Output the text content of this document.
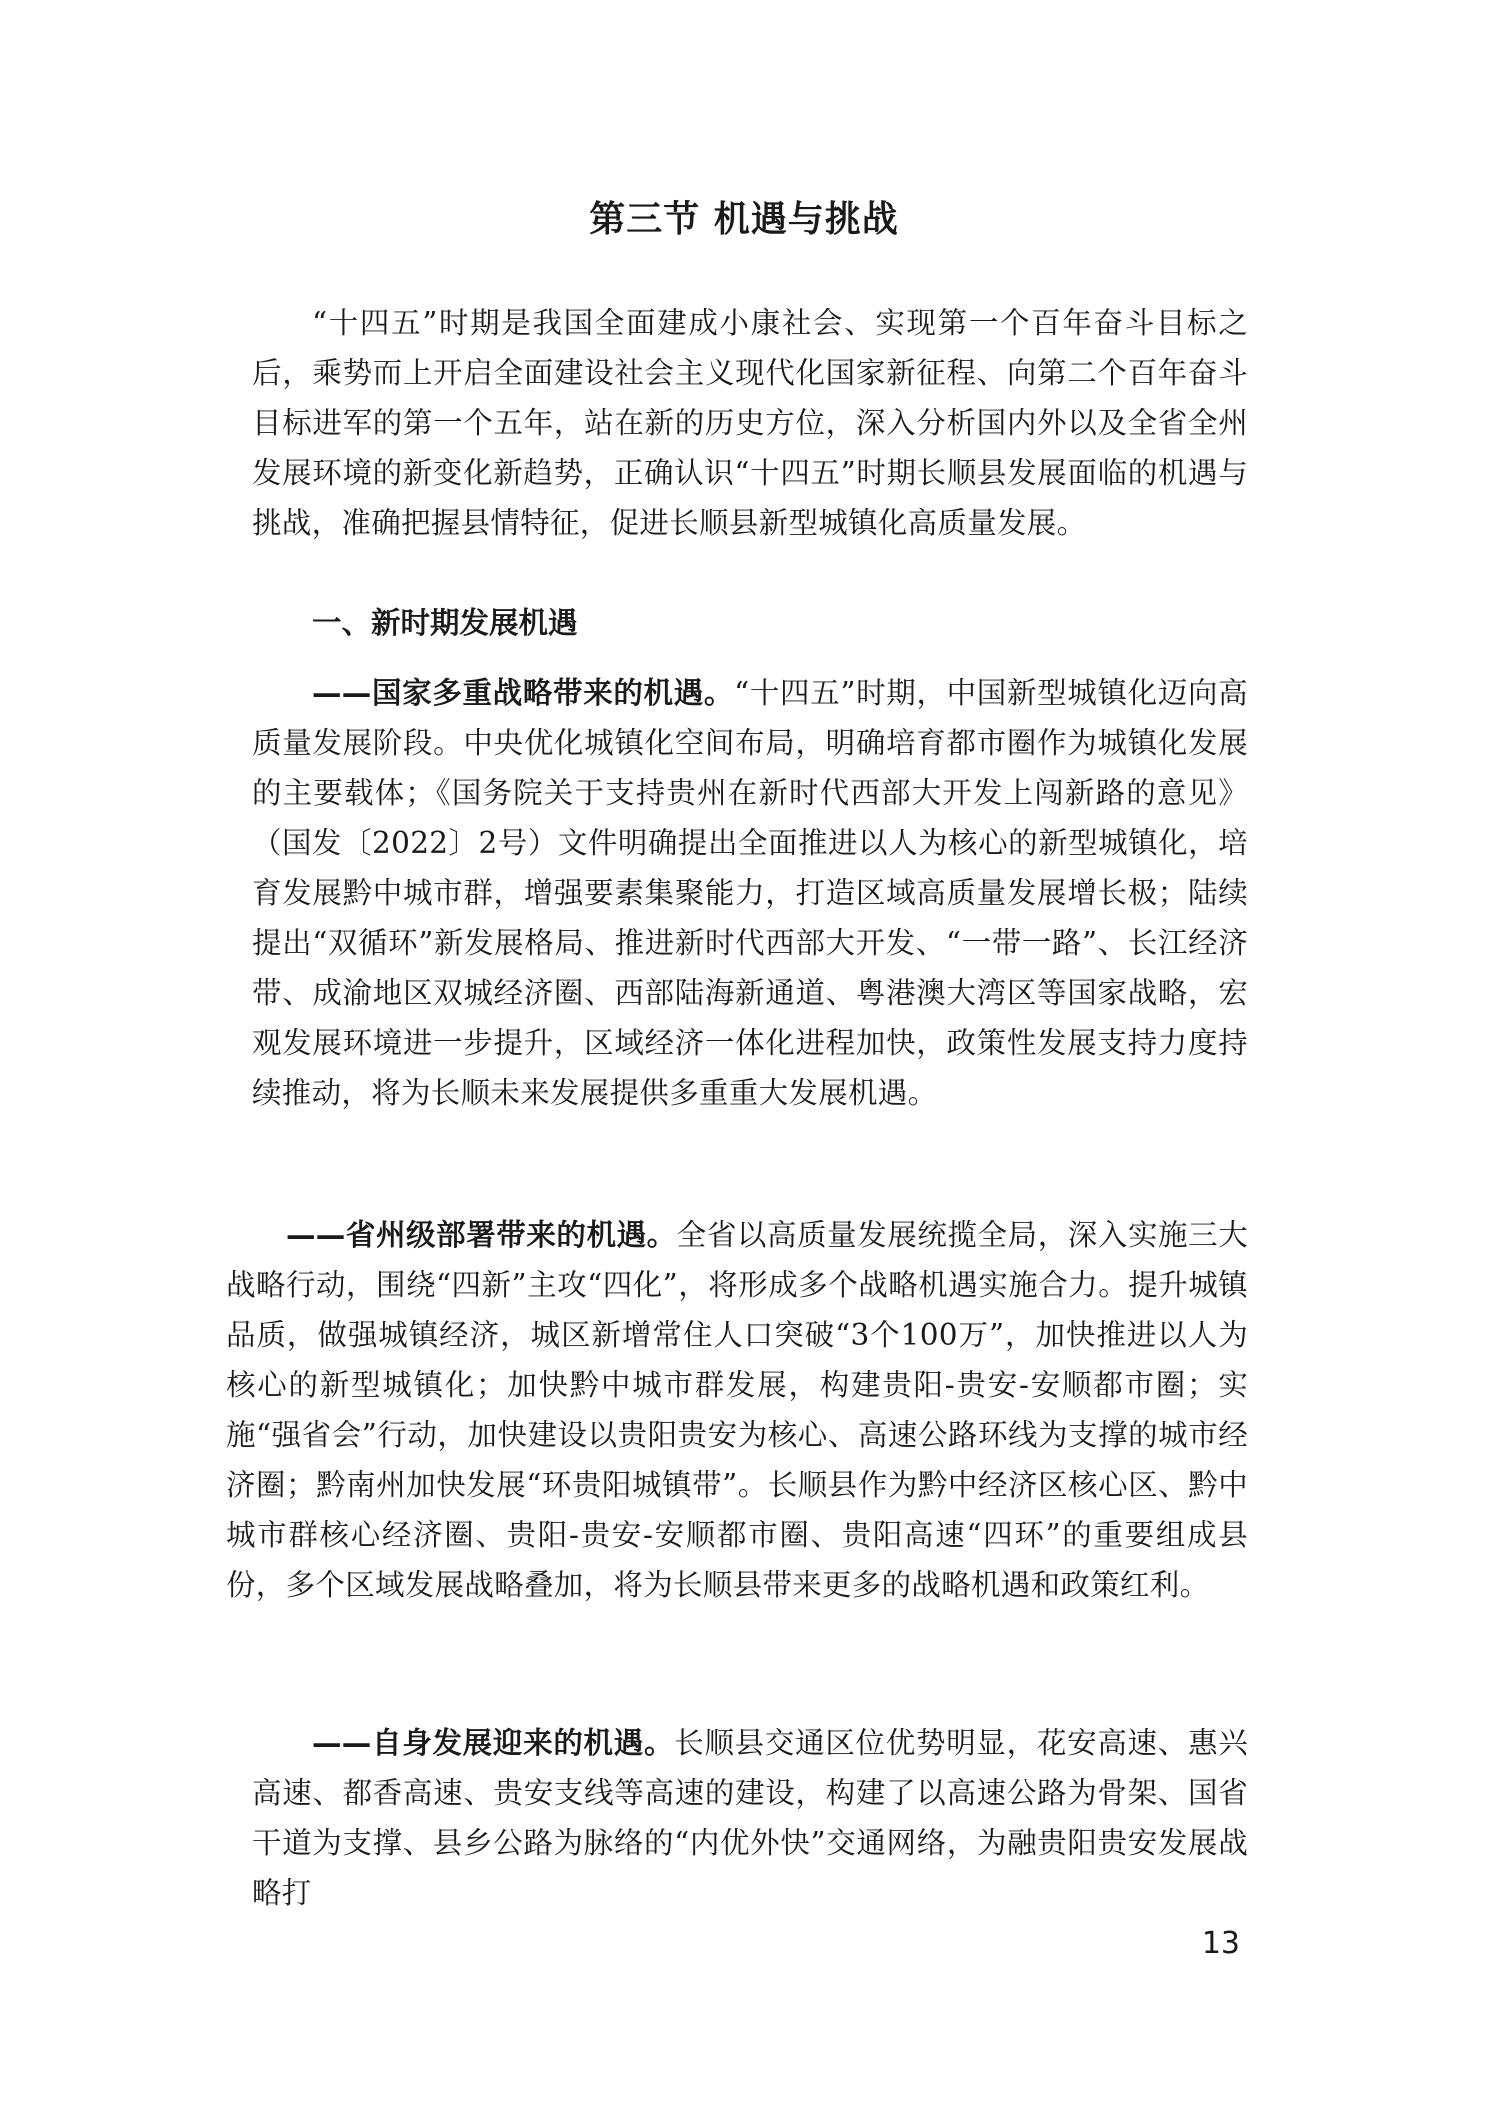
第三节 机遇与挑战
“十四五”时期是我国全面建成小康社会、实现第一个百年奋斗目标之后，乘势而上开启全面建设社会主义现代化国家新征程、向第二个百年奋斗目标进军的第一个五年，站在新的历史方位，深入分析国内外以及全省全州发展环境的新变化新趋势，正确认识“十四五”时期长顺县发展面临的机遇与挑战，准确把握县情特征，促进长顺县新型城镇化高质量发展。
一、新时期发展机遇
——国家多重战略带来的机遇。“十四五”时期，中国新型城镇化迈向高质量发展阶段。中央优化城镇化空间布局，明确培育都市圈作为城镇化发展的主要载体；《国务院关于支持贵州在新时代西部大开发上闯新路的意见》（国发〔2022〕2号）文件明确提出全面推进以人为核心的新型城镇化，培育发展黔中城市群，增强要素集聚能力，打造区域高质量发展增长极；陆续提出“双循环”新发展格局、推进新时代西部大开发、“一带一路”、长江经济带、成渝地区双城经济圈、西部陆海新通道、粤港澳大湾区等国家战略，宏观发展环境进一步提升，区域经济一体化进程加快，政策性发展支持力度持续推动，将为长顺未来发展提供多重重大发展机遇。
——省州级部署带来的机遇。全省以高质量发展统揽全局，深入实施三大战略行动，围绕“四新”主攻“四化”，将形成多个战略机遇实施合力。提升城镇品质，做强城镇经济，城区新增常住人口突破“3个100万”，加快推进以人为核心的新型城镇化；加快黔中城市群发展，构建贵阳-贵安-安顺都市圈；实施“强省会”行动，加快建设以贵阳贵安为核心、高速公路环线为支撑的城市经济圈；黔南州加快发展“环贵阳城镇带”。长顺县作为黔中经济区核心区、黔中城市群核心经济圈、贵阳-贵安-安顺都市圈、贵阳高速“四环”的重要组成县份，多个区域发展战略叠加，将为长顺县带来更多的战略机遇和政策红利。
——自身发展迎来的机遇。长顺县交通区位优势明显，花安高速、惠兴高速、都香高速、贵安支线等高速的建设，构建了以高速公路为骨架、国省干道为支撑、县乡公路为脉络的“内优外快”交通网络，为融贵阳贵安发展战略打
13
